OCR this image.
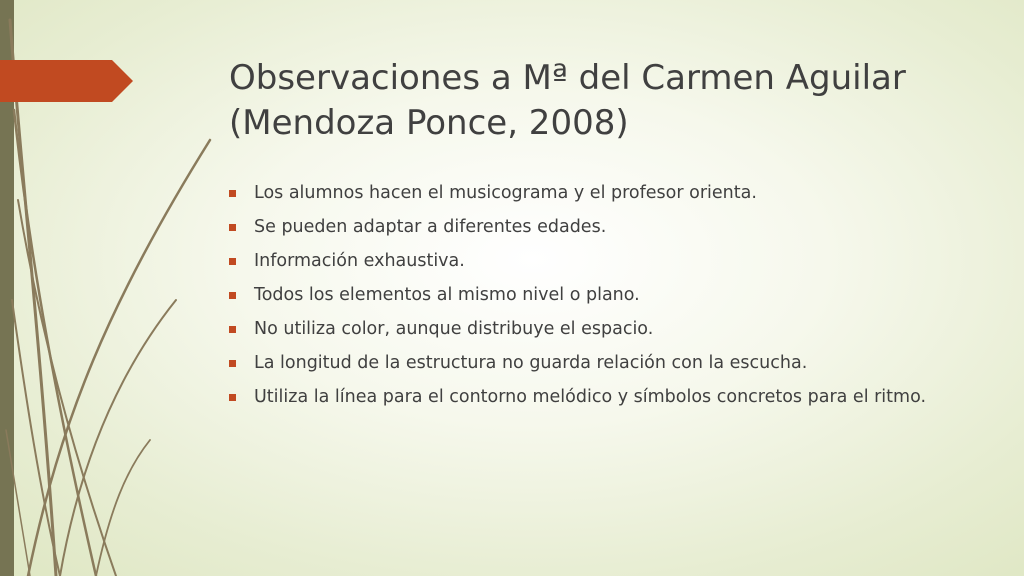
Observaciones a Mª del Carmen Aguilar (Mendoza Ponce, 2008)
Los alumnos hacen el musicograma y el profesor orienta.
Se pueden adaptar a diferentes edades.
Información exhaustiva.
Todos los elementos al mismo nivel o plano.
No utiliza color, aunque distribuye el espacio.
La longitud de la estructura no guarda relación con la escucha.
Utiliza la línea para el contorno melódico y símbolos concretos para el ritmo.
